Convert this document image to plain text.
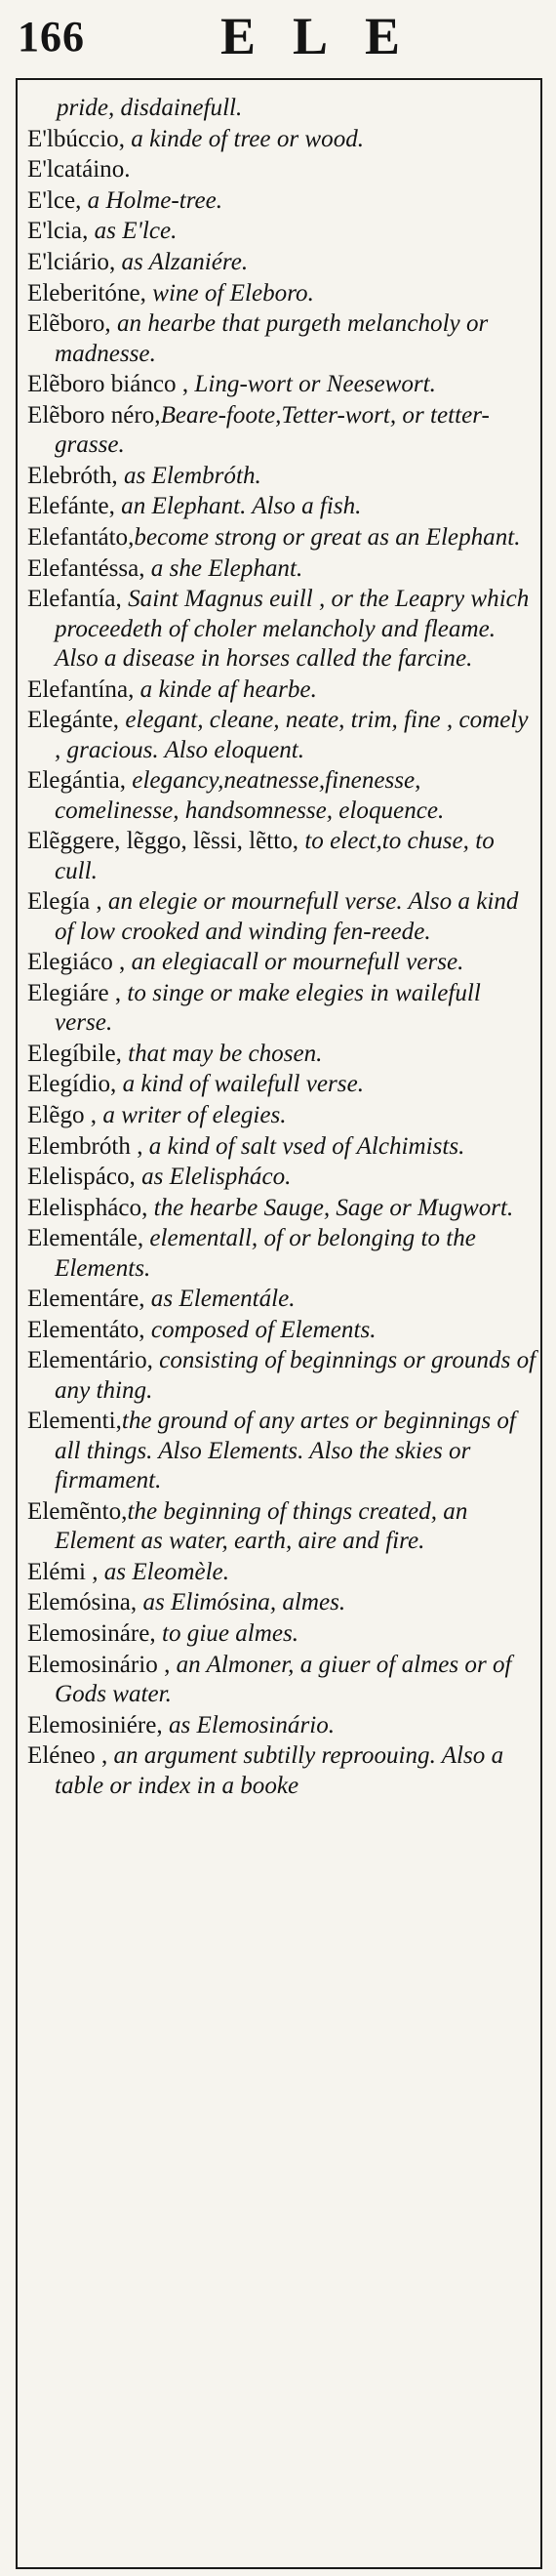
166	ELE

pride, disdainefull.

E'lbúccio, a kinde of tree or wood.

E'lcatáino.

E'lce, a Holme-tree.

E'lcia, as E'lce.

E'lciário, as Alzaniére.

Eleberitóne, wine of Eleboro.

Elẽboro, an hearbe that purgeth melancholy or madnesse.

Elẽboro biánco , Ling-wort or Neesewort.

Elẽboro néro,Beare-foote,Tetter-wort, or tetter-grasse.

Elebróth, as Elembróth.

Elefánte, an Elephant. Also a fish.

Elefantáto,become strong or great as an Elephant.

Elefantéssa, a she Elephant.

Elefantía, Saint Magnus euill , or the Leapry which proceedeth of choler melancholy and fleame. Also a disease in horses called the farcine.

Elefantína, a kinde af hearbe.

Elegánte, elegant, cleane, neate, trim, fine , comely , gracious. Also eloquent.

Elegántia, elegancy,neatnesse,finenesse, comelinesse, handsomnesse, eloquence.

Elẽggere, lẽggo, lẽssi, lẽtto, to elect,to chuse, to cull.

Elegía , an elegie or mournefull verse. Also a kind of low crooked and winding fen-reede.

Elegiáco , an elegiacall or mournefull verse.

Elegiáre , to singe or make elegies in wailefull verse.

Elegíbile, that may be chosen.

Elegídio, a kind of wailefull verse.

Elẽgo , a writer of elegies.

Elembróth , a kind of salt vsed of Alchimists.

Elelispáco, as Elelispháco.

Elelispháco, the hearbe Sauge, Sage or Mugwort.

Elementále, elementall, of or belonging to the Elements.

Elementáre, as Elementále.

Elementáto, composed of Elements.

Elementário, consisting of beginnings or grounds of any thing.

Elementi,the ground of any artes or beginnings of all things. Also Elements. Also the skies or firmament.

Elemẽnto,the beginning of things created, an Element as water, earth, aire and fire.

Elémi , as Eleomèle.

Elemósina, as Elimósina, almes.

Elemosináre, to giue almes.

Elemosinário , an Almoner, a giuer of almes or of Gods water.

Elemosiniére, as Elemosinário.

Eléneo , an argument subtilly reproouing. Also a table or index in a booke
